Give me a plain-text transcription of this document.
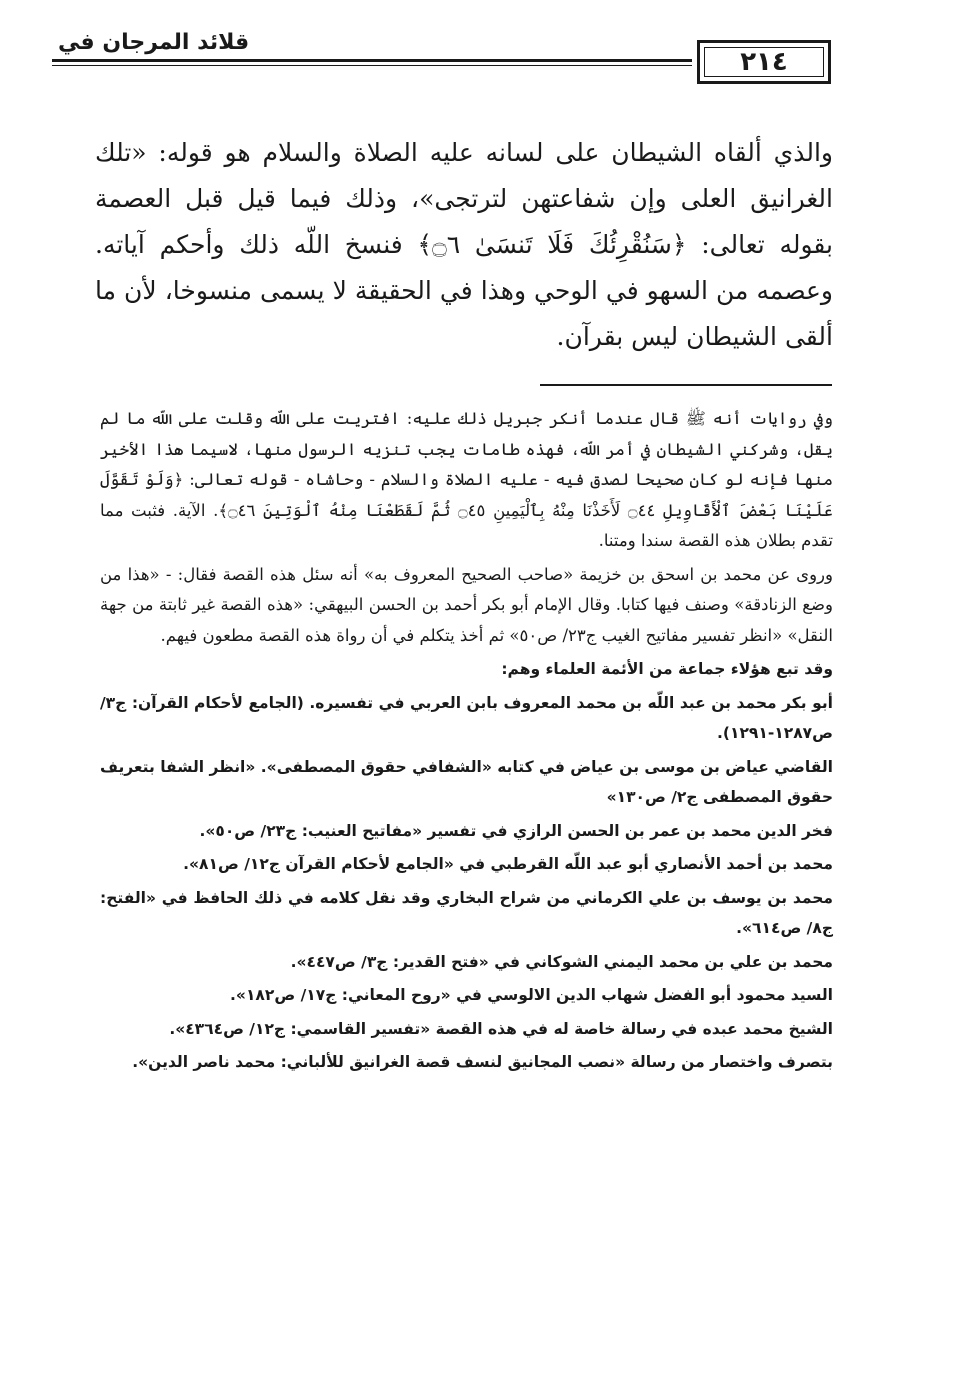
قلائد المرجان في
٢١٤

والذي ألقاه الشيطان على لسانه عليه الصلاة والسلام هو قوله: «تلك الغرانيق العلى وإن شفاعتهن لترتجى»، وذلك فيما قيل قبل العصمة بقوله تعالى: ﴿سَنُقْرِئُكَ فَلَا تَنسَىٰ ۝٦﴾ فنسخ اللّه ذلك وأحكم آياته. وعصمه من السهو في الوحي وهذا في الحقيقة لا يسمى منسوخا، لأن ما ألقى الشيطان ليس بقرآن.

وفي روايات أنه ﷺ قال عندما أنكر جبريل ذلك عليه: افتريت على اللّه وقلت على اللّه ما لم يقل، وشركني الشيطان في أمر اللّه، فهذه طامات يجب تنزيه الرسول منها، لاسيما هذا الأخير منها فإنه لو كان صحيحا لصدق فيه - عليه الصلاة والسلام - وحاشاه - قوله تعالى: ﴿وَلَوْ تَقَوَّلَ عَلَيْنَا بَعْضَ ٱلْأَقَاوِيلِ ۝٤٤ لَأَخَذْنَا مِنْهُ بِٱلْيَمِينِ ۝٤٥ ثُمَّ لَقَطَعْنَا مِنْهُ ٱلْوَتِينَ ۝٤٦﴾. الآية. فثبت مما تقدم بطلان هذه القصة سندا ومتنا.

وروى عن محمد بن اسحق بن خزيمة «صاحب الصحيح المعروف به» أنه سئل هذه القصة فقال: - «هذا من وضع الزنادقة» وصنف فيها كتابا. وقال الإمام أبو بكر أحمد بن الحسن البيهقي: «هذه القصة غير ثابتة من جهة النقل» «انظر تفسير مفاتيح الغيب ج٢٣/ ص٥٠» ثم أخذ يتكلم في أن رواة هذه القصة مطعون فيهم.

وقد تبع هؤلاء جماعة من الأئمة العلماء وهم:

أبو بكر محمد بن عبد اللّه بن محمد المعروف بابن العربي في تفسيره. (الجامع لأحكام القرآن: ج٣/ ص١٢٨٧-١٢٩١).

القاضي عياض بن موسى بن عياض في كتابه «الشفافي حقوق المصطفى». «انظر الشفا بتعريف حقوق المصطفى ج٢/ ص١٣٠»

فخر الدين محمد بن عمر بن الحسن الرازي في تفسير «مفاتيح العنيب: ج٢٣/ ص٥٠».

محمد بن أحمد الأنصاري أبو عبد اللّه القرطبي في «الجامع لأحكام القرآن ج١٢/ ص٨١».

محمد بن يوسف بن علي الكرماني من شراح البخاري وقد نقل كلامه في ذلك الحافظ في «الفتح: ج٨/ ص٦١٤».

محمد بن علي بن محمد اليمني الشوكاني في «فتح القدير: ج٣/ ص٤٤٧».

السيد محمود أبو الفضل شهاب الدين الالوسي في «روح المعاني: ج١٧/ ص١٨٢».

الشيخ محمد عبده في رسالة خاصة له في هذه القصة «تفسير القاسمي: ج١٢/ ص٤٣٦٤».

بتصرف واختصار من رسالة «نصب المجانيق لنسف قصة الغرانيق للألباني: محمد ناصر الدين».
